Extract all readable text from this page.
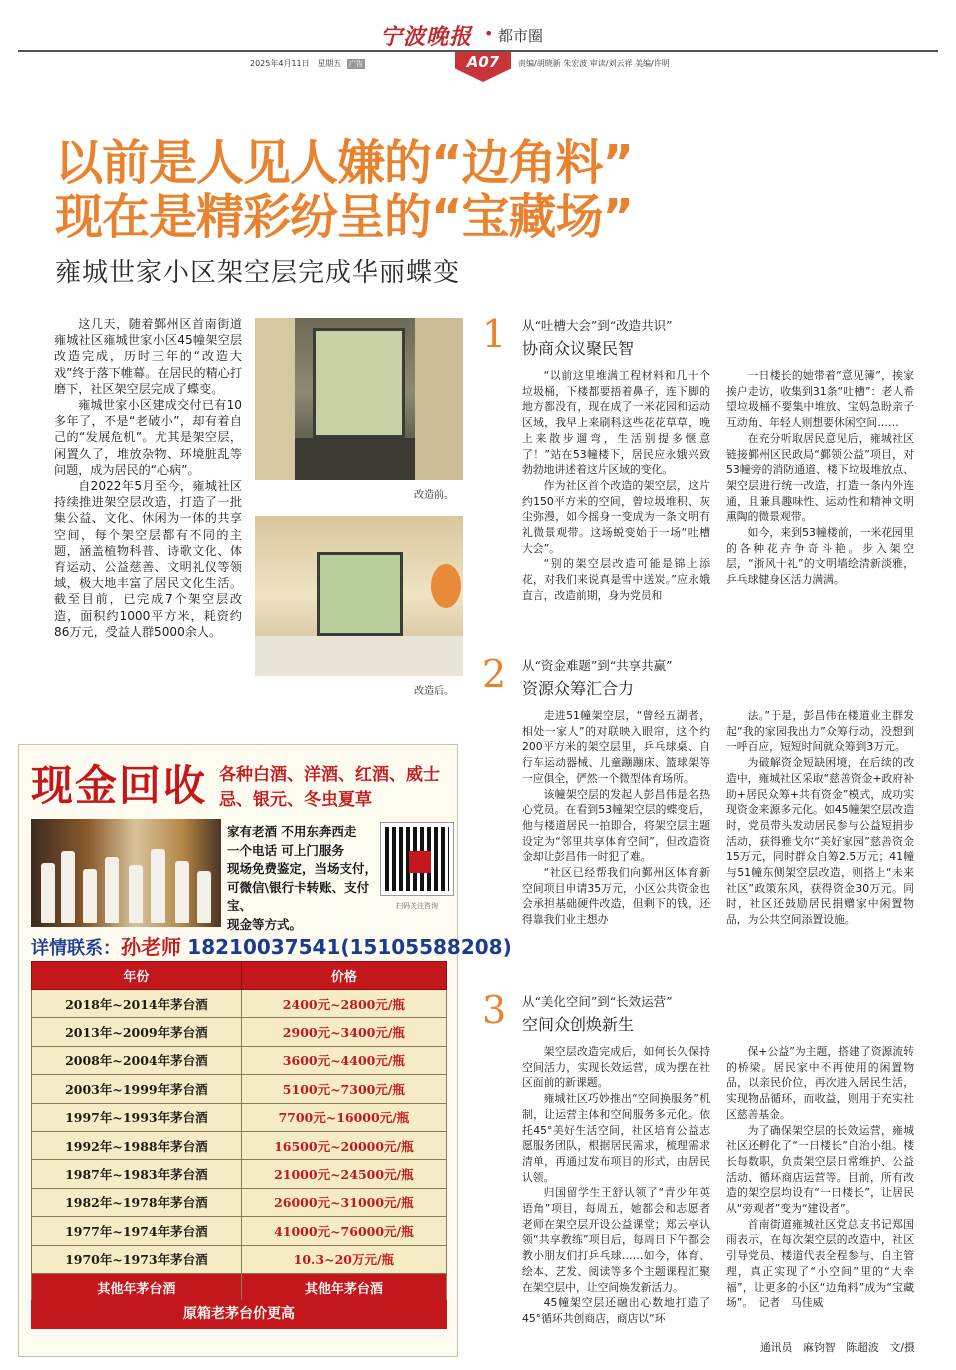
宁波晚报 • 都市圈
2025年4月11日 星期五 广告	A07	责编/胡晓新 朱宏波 审读/刘云祥 美编/许明
以前是人见人嫌的“边角料”
现在是精彩纷呈的“宝藏场”
雍城世家小区架空层完成华丽蝶变

这几天，随着鄞州区首南街道雍城社区雍城世家小区45幢架空层改造完成，历时三年的“改造大戏”终于落下帷幕。在居民的精心打磨下，社区架空层完成了蝶变。

雍城世家小区建成交付已有10多年了，不是“老破小”，却有着自己的“发展危机”。尤其是架空层，闲置久了，堆放杂物、环境脏乱等问题，成为居民的“心病”。

自2022年5月至今，雍城社区持续推进架空层改造，打造了一批集公益、文化、休闲为一体的共享空间，每个架空层都有不同的主题，涵盖植物科普、诗歌文化、体育运动、公益慈善、文明礼仪等领域，极大地丰富了居民文化生活。截至目前，已完成7个架空层改造，面积约1000平方米，耗资约86万元，受益人群5000余人。

改造前。
改造后。
1 从“吐槽大会”到“改造共识”
协商众议聚民智

“以前这里堆满工程材料和几十个垃圾桶，下楼都要捂着鼻子，连下脚的地方都没有，现在成了一米花园和运动区域，我早上来刷科这些花花草草，晚上来散步遛弯，生活别提多惬意了！”站在53幢楼下，居民应永娥兴致勃勃地讲述着这片区域的变化。

作为社区首个改造的架空层，这片约150平方米的空间，曾垃圾堆积、灰尘弥漫，如今摇身一变成为一条文明有礼微景观带。这场蜕变始于一场“吐槽大会”。

“别的架空层改造可能是锦上添花，对我们来说真是雪中送炭。”应永娥直言，改造前期，身为党员和

一日楼长的她带着“意见簿”，挨家挨户走访，收集到31条“吐槽”：老人希望垃圾桶不要集中堆放、宝妈急盼亲子互动角、年轻人则想要休闲空间……

在充分听取居民意见后，雍城社区链接鄞州区民政局“鄞领公益”项目，对53幢旁的消防通道、楼下垃圾堆放点、架空层进行统一改造，打造一条内外连通，且兼具趣味性、运动性和精神文明熏陶的微景观带。

如今，来到53幢楼前，一米花园里的各种花卉争奇斗艳。步入架空层，“浙风十礼”的文明墙绘清新淡雅，乒乓球健身区活力满满。

2 从“资金难题”到“共享共赢”
资源众筹汇合力

走进51幢架空层，“曾经五湖者，相处一家人”的对联映入眼帘，这个约200平方米的架空层里，乒乓球桌、自行车运动器械、儿童蹦蹦床、篮球架等一应俱全，俨然一个微型体育场所。

该幢架空层的发起人彭昌伟是名热心党员。在看到53幢架空层的蝶变后，他与楼道居民一拍即合，将架空层主题设定为“邻里共享体育空间”，但改造资金却让彭昌伟一时犯了难。

“社区已经帮我们向鄞州区体育新空间项目申请35万元，小区公共资金也会承担基础硬件改造，但剩下的钱，还得靠我们业主想办

法。”于是，彭昌伟在楼道业主群发起“我的家园我出力”众筹行动，没想到一呼百应，短短时间就众筹到3万元。

为破解资金短缺困境，在后续的改造中，雍城社区采取“慈善资金+政府补助+居民众筹+共有资金”模式，成功实现资金来源多元化。如45幢架空层改造时，党员带头发动居民参与公益短捐步活动，获得雅戈尔“美好家园”慈善资金15万元，同时群众自筹2.5万元；41幢与51幢东侧架空层改造，则搭上“未来社区”政策东风，获得资金30万元。同时，社区还鼓励居民捐赠家中闲置物品，为公共空间添置设施。

3 从“美化空间”到“长效运营”
空间众创焕新生

架空层改造完成后，如何长久保持空间活力，实现长效运营，成为摆在社区面前的新课题。

雍城社区巧妙推出“空间换服务”机制，让运营主体和空间服务多元化。依托45°美好生活空间，社区培育公益志愿服务团队，根据居民需求，梳理需求清单，再通过发布项目的形式，由居民认领。

归国留学生王舒认领了“青少年英语角”项目，每周五，她都会和志愿者老师在架空层开设公益课堂；郑云亭认领“共享教练”项目后，每周日下午都会教小朋友们打乒乓球……如今，体育、绘本、艺发、阅读等多个主题课程汇聚在架空层中，让空间焕发新活力。

45幢架空层还融出心数地打造了45°循环共创商店，商店以“环

保+公益”为主题，搭建了资源流转的桥梁。居民家中不再使用的闲置物品，以亲民价位，再次进入居民生活，实现物品循环，而收益，则用于充实社区慈善基金。

为了确保架空层的长效运营，雍城社区还孵化了“一日楼长”自治小组。楼长每数职，负责架空层日常维护、公益活动、循环商店运营等。目前，所有改造的架空层均设有“一日楼长”，让居民从“旁观者”变为“建设者”。

首南街道雍城社区党总支书记郑国雨表示，在每次架空层的改造中，社区引导党员、楼道代表全程参与、自主管理，真正实现了“小空间”里的“大幸福”，让更多的小区“边角料”成为“宝藏场”。　记者　马佳威

通讯员　麻钧智　陈超波　文/摄
现金回收 各种白酒、洋酒、红酒、威士忌、银元、冬虫夏草
家有老酒 不用东奔西走
一个电话 可上门服务
现场免费鉴定，当场支付，
可微信\银行卡转账、支付宝、
现金等方式。
扫码关注咨询
详情联系：孙老师 18210037541(15105588208)
年份	价格
2018年~2014年茅台酒	2400元~2800元/瓶
2013年~2009年茅台酒	2900元~3400元/瓶
2008年~2004年茅台酒	3600元~4400元/瓶
2003年~1999年茅台酒	5100元~7300元/瓶
1997年~1993年茅台酒	7700元~16000元/瓶
1992年~1988年茅台酒	16500元~20000元/瓶
1987年~1983年茅台酒	21000元~24500元/瓶
1982年~1978年茅台酒	26000元~31000元/瓶
1977年~1974年茅台酒	41000元~76000元/瓶
1970年~1973年茅台酒	10.3~20万元/瓶
其他年茅台酒	其他年茅台酒
原箱老茅台价更高
